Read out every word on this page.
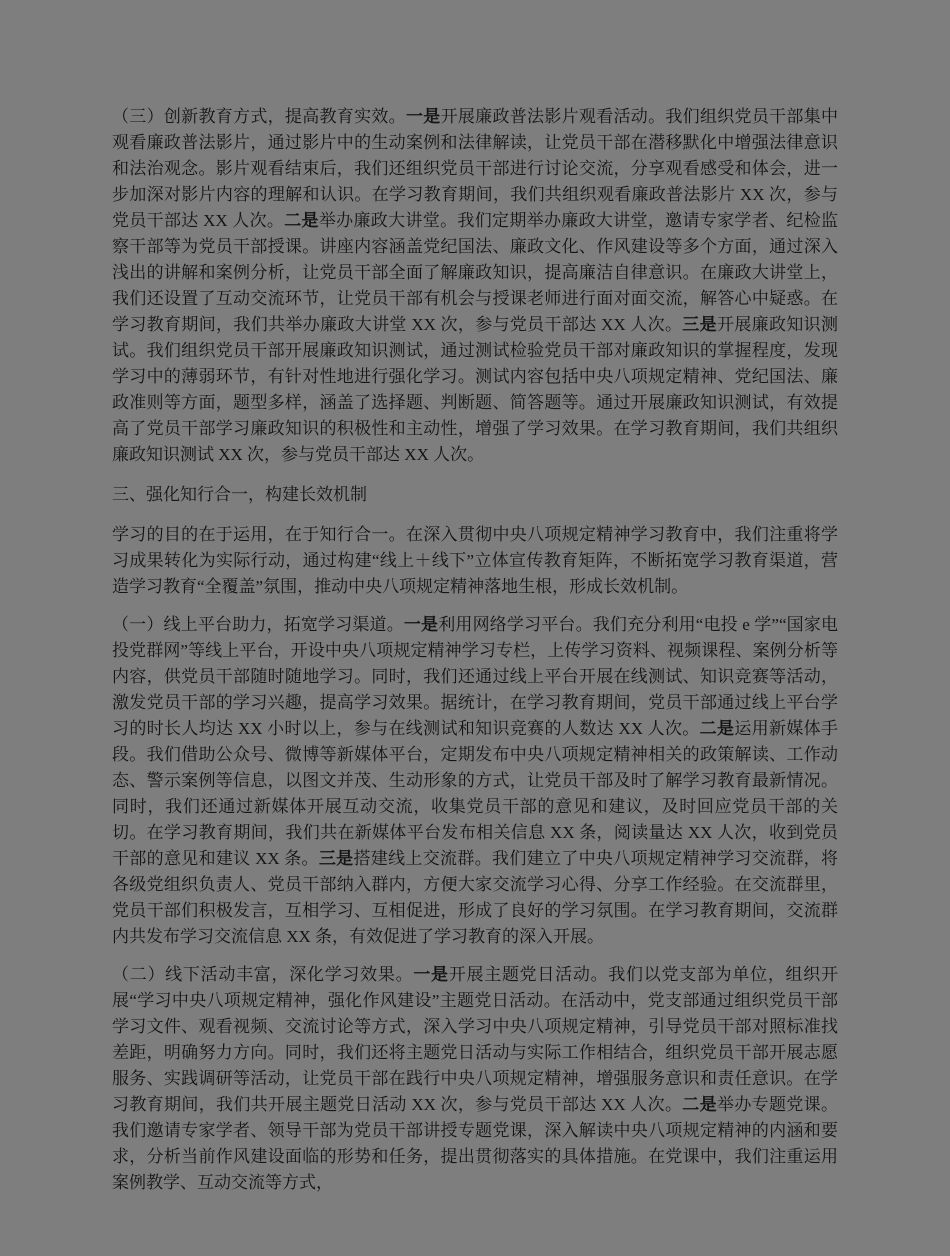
（三）创新教育方式，提高教育实效。一是开展廉政普法影片观看活动。我们组织党员干部集中观看廉政普法影片，通过影片中的生动案例和法律解读，让党员干部在潜移默化中增强法律意识和法治观念。影片观看结束后，我们还组织党员干部进行讨论交流，分享观看感受和体会，进一步加深对影片内容的理解和认识。在学习教育期间，我们共组织观看廉政普法影片 XX 次，参与党员干部达 XX 人次。二是举办廉政大讲堂。我们定期举办廉政大讲堂，邀请专家学者、纪检监察干部等为党员干部授课。讲座内容涵盖党纪国法、廉政文化、作风建设等多个方面，通过深入浅出的讲解和案例分析，让党员干部全面了解廉政知识，提高廉洁自律意识。在廉政大讲堂上，我们还设置了互动交流环节，让党员干部有机会与授课老师进行面对面交流，解答心中疑惑。在学习教育期间，我们共举办廉政大讲堂 XX 次，参与党员干部达 XX 人次。三是开展廉政知识测试。我们组织党员干部开展廉政知识测试，通过测试检验党员干部对廉政知识的掌握程度，发现学习中的薄弱环节，有针对性地进行强化学习。测试内容包括中央八项规定精神、党纪国法、廉政准则等方面，题型多样，涵盖了选择题、判断题、简答题等。通过开展廉政知识测试，有效提高了党员干部学习廉政知识的积极性和主动性，增强了学习效果。在学习教育期间，我们共组织廉政知识测试 XX 次，参与党员干部达 XX 人次。

三、强化知行合一，构建长效机制

学习的目的在于运用，在于知行合一。在深入贯彻中央八项规定精神学习教育中，我们注重将学习成果转化为实际行动，通过构建“线上＋线下”立体宣传教育矩阵，不断拓宽学习教育渠道，营造学习教育“全覆盖”氛围，推动中央八项规定精神落地生根，形成长效机制。

（一）线上平台助力，拓宽学习渠道。一是利用网络学习平台。我们充分利用“电投 e 学”“国家电投党群网”等线上平台，开设中央八项规定精神学习专栏，上传学习资料、视频课程、案例分析等内容，供党员干部随时随地学习。同时，我们还通过线上平台开展在线测试、知识竞赛等活动，激发党员干部的学习兴趣，提高学习效果。据统计，在学习教育期间，党员干部通过线上平台学习的时长人均达 XX 小时以上，参与在线测试和知识竞赛的人数达 XX 人次。二是运用新媒体手段。我们借助公众号、微博等新媒体平台，定期发布中央八项规定精神相关的政策解读、工作动态、警示案例等信息，以图文并茂、生动形象的方式，让党员干部及时了解学习教育最新情况。同时，我们还通过新媒体开展互动交流，收集党员干部的意见和建议，及时回应党员干部的关切。在学习教育期间，我们共在新媒体平台发布相关信息 XX 条，阅读量达 XX 人次，收到党员干部的意见和建议 XX 条。三是搭建线上交流群。我们建立了中央八项规定精神学习交流群，将各级党组织负责人、党员干部纳入群内，方便大家交流学习心得、分享工作经验。在交流群里，党员干部们积极发言，互相学习、互相促进，形成了良好的学习氛围。在学习教育期间，交流群内共发布学习交流信息 XX 条，有效促进了学习教育的深入开展。

（二）线下活动丰富，深化学习效果。一是开展主题党日活动。我们以党支部为单位，组织开展“学习中央八项规定精神，强化作风建设”主题党日活动。在活动中，党支部通过组织党员干部学习文件、观看视频、交流讨论等方式，深入学习中央八项规定精神，引导党员干部对照标准找差距，明确努力方向。同时，我们还将主题党日活动与实际工作相结合，组织党员干部开展志愿服务、实践调研等活动，让党员干部在践行中央八项规定精神，增强服务意识和责任意识。在学习教育期间，我们共开展主题党日活动 XX 次，参与党员干部达 XX 人次。二是举办专题党课。我们邀请专家学者、领导干部为党员干部讲授专题党课，深入解读中央八项规定精神的内涵和要求，分析当前作风建设面临的形势和任务，提出贯彻落实的具体措施。在党课中，我们注重运用案例教学、互动交流等方式，
